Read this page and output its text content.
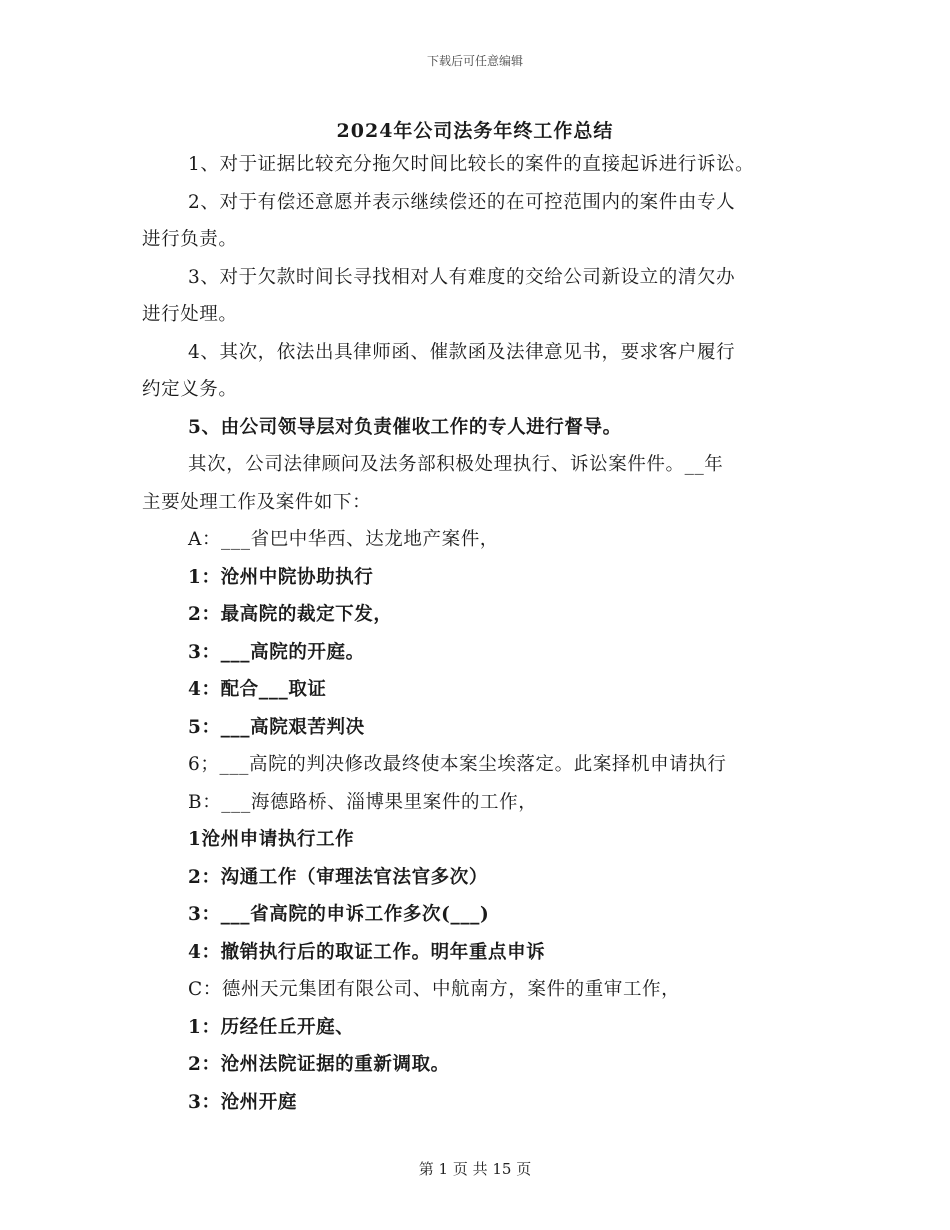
下载后可任意编辑
2024年公司法务年终工作总结
1、对于证据比较充分拖欠时间比较长的案件的直接起诉进行诉讼。
2、对于有偿还意愿并表示继续偿还的在可控范围内的案件由专人
进行负责。
3、对于欠款时间长寻找相对人有难度的交给公司新设立的清欠办
进行处理。
4、其次，依法出具律师函、催款函及法律意见书，要求客户履行
约定义务。
5、由公司领导层对负责催收工作的专人进行督导。
其次，公司法律顾问及法务部积极处理执行、诉讼案件件。__年
主要处理工作及案件如下：
A：___省巴中华西、达龙地产案件，
1：沧州中院协助执行
2：最高院的裁定下发，
3：___高院的开庭。
4：配合___取证
5：___高院艰苦判决
6；___高院的判决修改最终使本案尘埃落定。此案择机申请执行
B：___海德路桥、淄博果里案件的工作，
1沧州申请执行工作
2：沟通工作（审理法官法官多次）
3：___省高院的申诉工作多次(___)
4：撤销执行后的取证工作。明年重点申诉
C：德州天元集团有限公司、中航南方，案件的重审工作，
1：历经任丘开庭、
2：沧州法院证据的重新调取。
3：沧州开庭
第 1 页 共 15 页
